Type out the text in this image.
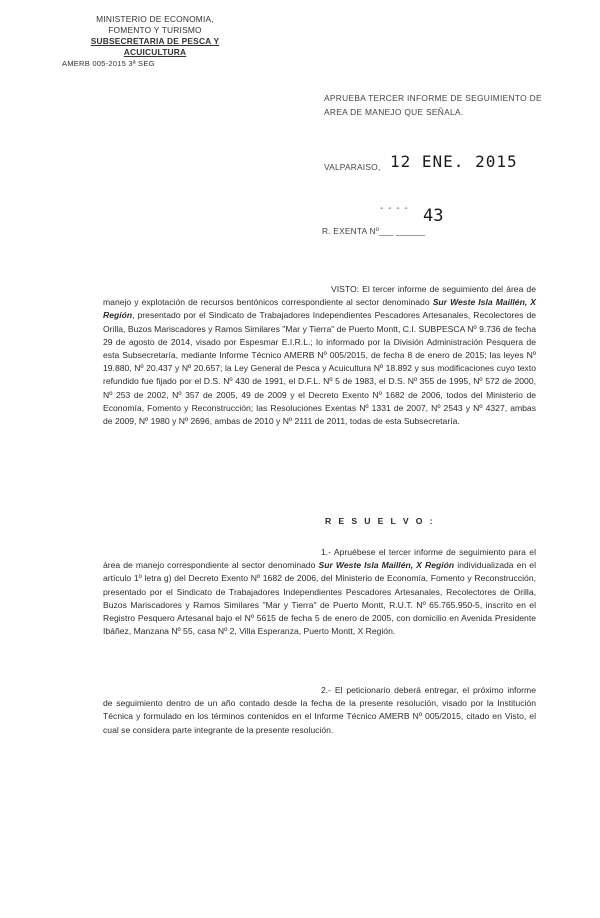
MINISTERIO DE ECONOMIA,
FOMENTO Y TURISMO
SUBSECRETARIA DE PESCA Y ACUICULTURA
AMERB 005-2015 3ª SEG
APRUEBA TERCER INFORME DE SEGUIMIENTO DE AREA DE MANEJO QUE SEÑALA.
VALPARAISO, 12 ENE. 2015
- - - - 43
R. EXENTA Nº___ ______
VISTO: El tercer informe de seguimiento del área de manejo y explotación de recursos bentónicos correspondiente al sector denominado Sur Weste Isla Maillén, X Región, presentado por el Sindicato de Trabajadores Independientes Pescadores Artesanales, Recolectores de Orilla, Buzos Mariscadores y Ramos Similares "Mar y Tierra" de Puerto Montt, C.I. SUBPESCA Nº 9.736 de fecha 29 de agosto de 2014, visado por Espesmar E.I.R.L.; lo informado por la División Administración Pesquera de esta Subsecretaría, mediante Informe Técnico AMERB Nº 005/2015, de fecha 8 de enero de 2015; las leyes Nº 19.880, Nº 20.437 y Nº 20.657; la Ley General de Pesca y Acuicultura Nº 18.892 y sus modificaciones cuyo texto refundido fue fijado por el D.S. Nº 430 de 1991, el D.F.L. Nº 5 de 1983, el D.S. Nº 355 de 1995, Nº 572 de 2000, Nº 253 de 2002, Nº 357 de 2005, 49 de 2009 y el Decreto Exento Nº 1682 de 2006, todos del Ministerio de Economía, Fomento y Reconstrucción; las Resoluciones Exentas Nº 1331 de 2007, Nº 2543 y Nº 4327, ambas de 2009, Nº 1980 y Nº 2696, ambas de 2010 y Nº 2111 de 2011, todas de esta Subsecretaría.
R E S U E L V O :
1.- Apruébese el tercer informe de seguimiento para el área de manejo correspondiente al sector denominado Sur Weste Isla Maillén, X Región individualizada en el artículo 1º letra g) del Decreto Exento Nº 1682 de 2006, del Ministerio de Economía, Fomento y Reconstrucción, presentado por el Sindicato de Trabajadores Independientes Pescadores Artesanales, Recolectores de Orilla, Buzos Mariscadores y Ramos Similares "Mar y Tierra" de Puerto Montt, R.U.T. Nº 65.765.950-5, inscrito en el Registro Pesquero Artesanal bajo el Nº 5615 de fecha 5 de enero de 2005, con domicilio en Avenida Presidente Ibáñez, Manzana Nº 55, casa Nº 2, Villa Esperanza, Puerto Montt, X Región.
2.- El peticionario deberá entregar, el próximo informe de seguimiento dentro de un año contado desde la fecha de la presente resolución, visado por la Institución Técnica y formulado en los términos contenidos en el Informe Técnico AMERB Nº 005/2015, citado en Visto, el cual se considera parte integrante de la presente resolución.
